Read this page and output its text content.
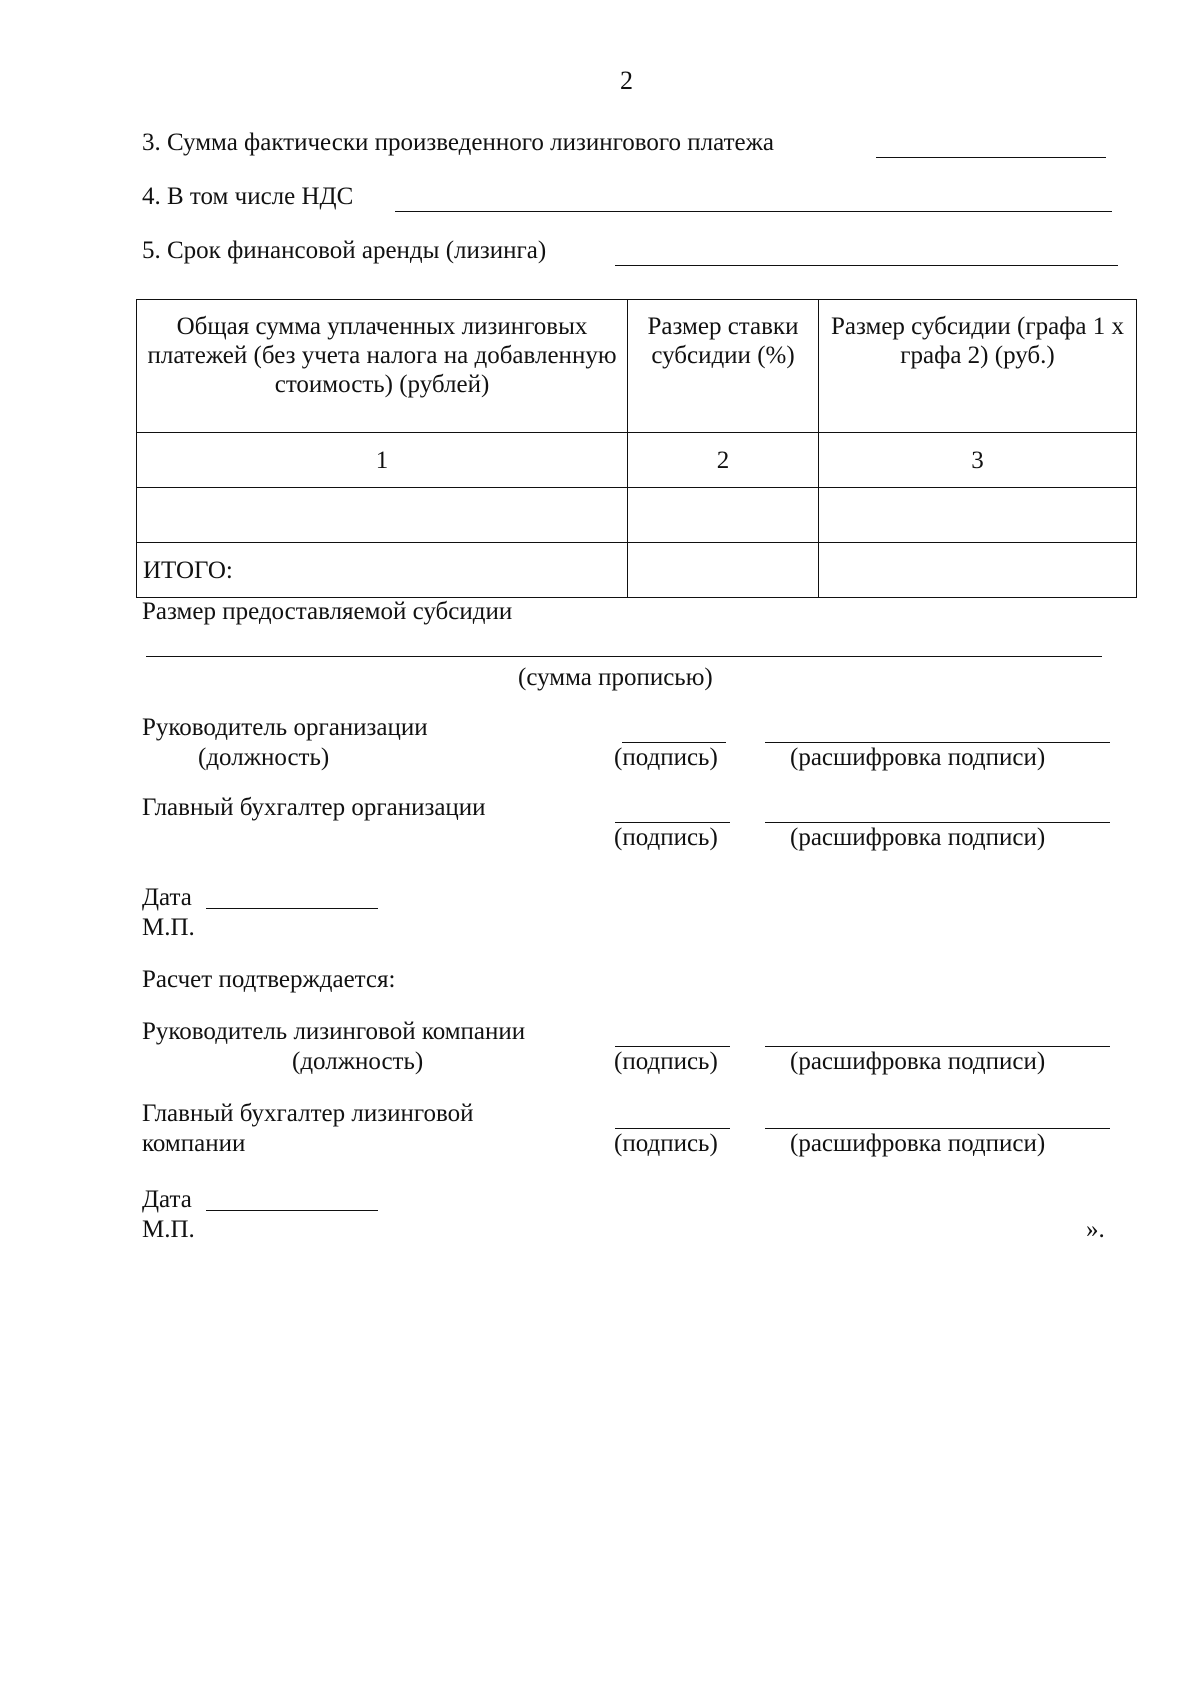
2
3. Сумма фактически произведенного лизингового платежа
4. В том числе НДС
5. Срок финансовой аренды (лизинга)
Общая сумма уплаченных лизинговых платежей (без учета налога на добавленную стоимость) (рублей)	Размер ставки субсидии (%)	Размер субсидии (графа 1 х графа 2) (руб.)
1	2	3

ИТОГО:		
Размер предоставляемой субсидии
(сумма прописью)
Руководитель организации
(должность)	(подпись)	(расшифровка подписи)
Главный бухгалтер организации
(подпись)	(расшифровка подписи)
Дата
М.П.
Расчет подтверждается:
Руководитель лизинговой компании
(должность)	(подпись)	(расшифровка подписи)
Главный бухгалтер лизинговой
компании	(подпись)	(расшифровка подписи)
Дата
М.П.	».
